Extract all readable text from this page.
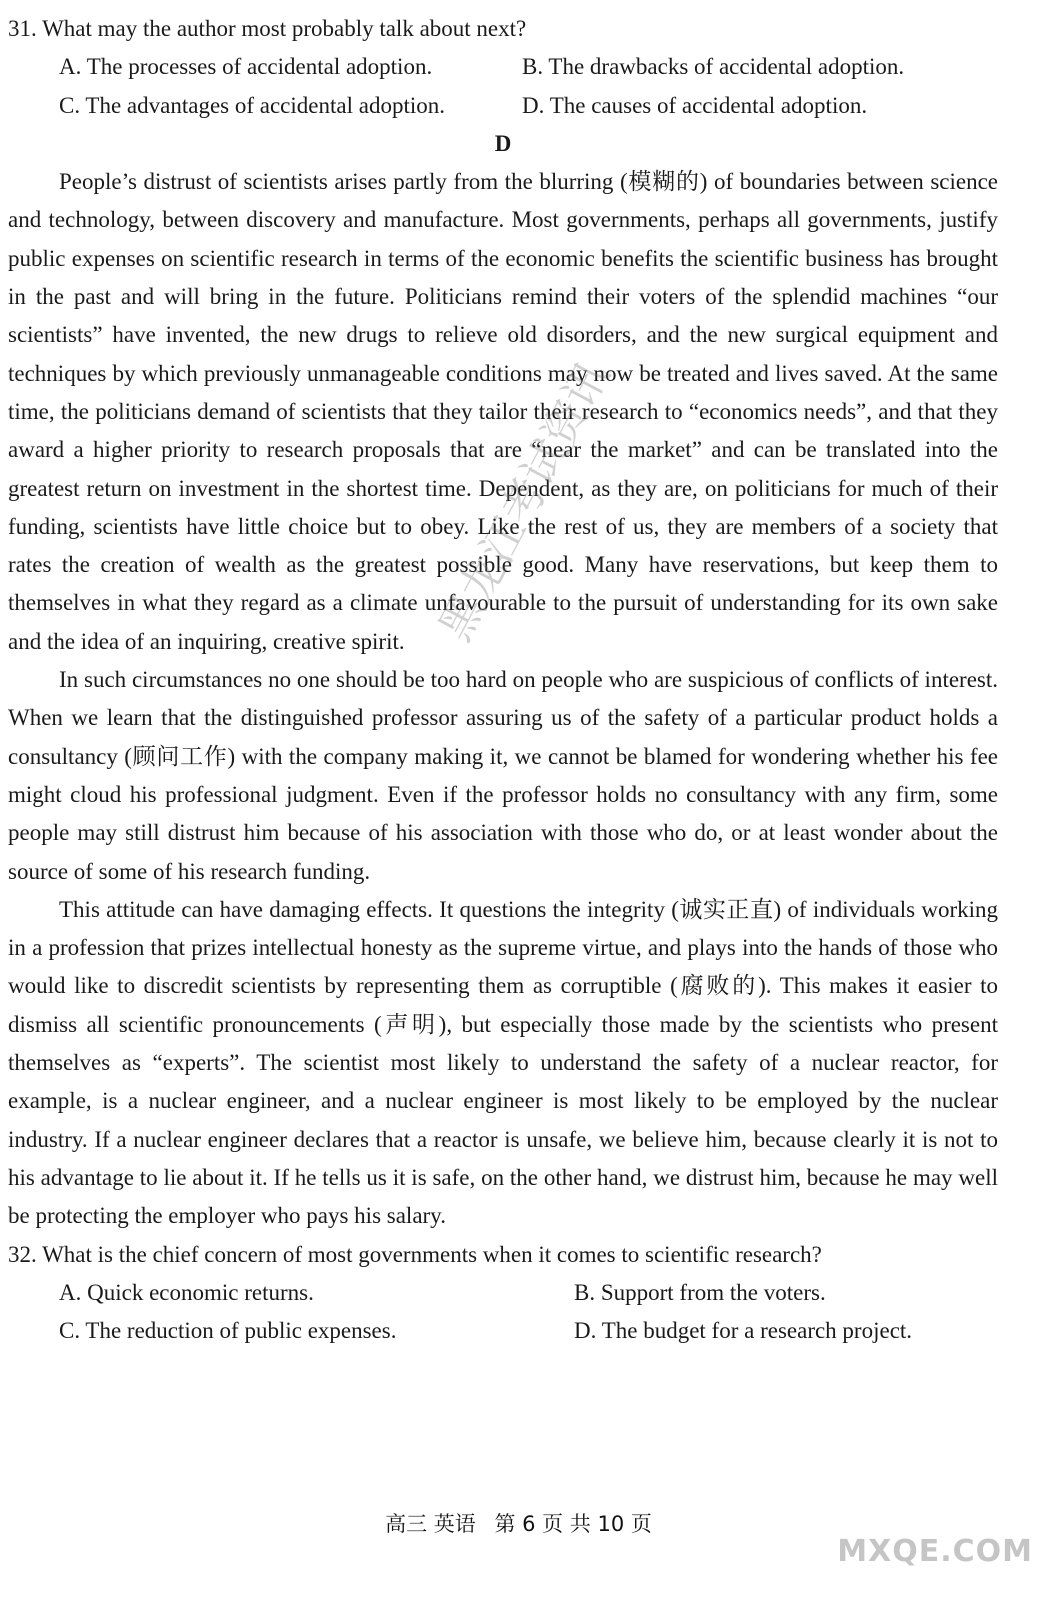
31. What may the author most probably talk about next?
A. The processes of accidental adoption.	B. The drawbacks of accidental adoption.
C. The advantages of accidental adoption.	D. The causes of accidental adoption.
D

People’s distrust of scientists arises partly from the blurring (模糊的) of boundaries between science and technology, between discovery and manufacture. Most governments, perhaps all governments, justify public expenses on scientific research in terms of the economic benefits the scientific business has brought in the past and will bring in the future. Politicians remind their voters of the splendid machines “our scientists” have invented, the new drugs to relieve old disorders, and the new surgical equipment and techniques by which previously unmanageable conditions may now be treated and lives saved. At the same time, the politicians demand of scientists that they tailor their research to “economics needs”, and that they award a higher priority to research proposals that are “near the market” and can be translated into the greatest return on investment in the shortest time. Dependent, as they are, on politicians for much of their funding, scientists have little choice but to obey. Like the rest of us, they are members of a society that rates the creation of wealth as the greatest possible good. Many have reservations, but keep them to themselves in what they regard as a climate unfavourable to the pursuit of understanding for its own sake and the idea of an inquiring, creative spirit.

In such circumstances no one should be too hard on people who are suspicious of conflicts of interest. When we learn that the distinguished professor assuring us of the safety of a particular product holds a consultancy (顾问工作) with the company making it, we cannot be blamed for wondering whether his fee might cloud his professional judgment. Even if the professor holds no consultancy with any firm, some people may still distrust him because of his association with those who do, or at least wonder about the source of some of his research funding.

This attitude can have damaging effects. It questions the integrity (诚实正直) of individuals working in a profession that prizes intellectual honesty as the supreme virtue, and plays into the hands of those who would like to discredit scientists by representing them as corruptible (腐败的). This makes it easier to dismiss all scientific pronouncements (声明), but especially those made by the scientists who present themselves as “experts”. The scientist most likely to understand the safety of a nuclear reactor, for example, is a nuclear engineer, and a nuclear engineer is most likely to be employed by the nuclear industry. If a nuclear engineer declares that a reactor is unsafe, we believe him, because clearly it is not to his advantage to lie about it. If he tells us it is safe, on the other hand, we distrust him, because he may well be protecting the employer who pays his salary.

32. What is the chief concern of most governments when it comes to scientific research?
A. Quick economic returns.	B. Support from the voters.
C. The reduction of public expenses.	D. The budget for a research project.
黑龙江考试资讯
高三 英语 第 6 页 共 10 页
MXQE.COM
